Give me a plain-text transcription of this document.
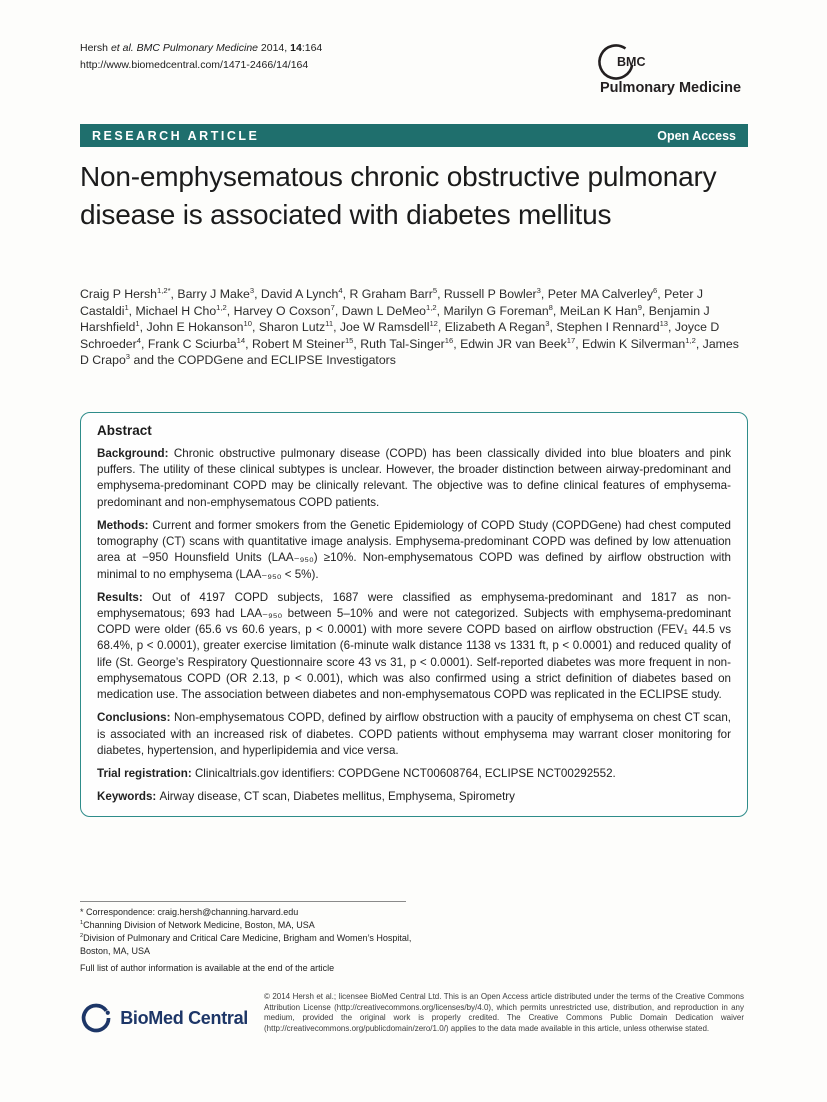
Hersh et al. BMC Pulmonary Medicine 2014, 14:164
http://www.biomedcentral.com/1471-2466/14/164	BMC
Pulmonary Medicine
RESEARCH ARTICLE	Open Access
Non-emphysematous chronic obstructive pulmonary disease is associated with diabetes mellitus
Craig P Hersh$^{1,2*}$, Barry J Make$^3$, David A Lynch$^4$, R Graham Barr$^5$, Russell P Bowler$^3$, Peter MA Calverley$^6$, Peter J Castaldi$^1$, Michael H Cho$^{1,2}$, Harvey O Coxson$^7$, Dawn L DeMeo$^{1,2}$, Marilyn G Foreman$^8$, MeiLan K Han$^9$, Benjamin J Harshfield$^1$, John E Hokanson$^{10}$, Sharon Lutz$^{11}$, Joe W Ramsdell$^{12}$, Elizabeth A Regan$^3$, Stephen I Rennard$^{13}$, Joyce D Schroeder$^4$, Frank C Sciurba$^{14}$, Robert M Steiner$^{15}$, Ruth Tal-Singer$^{16}$, Edwin JR van Beek$^{17}$, Edwin K Silverman$^{1,2}$, James D Crapo$^3$ and the COPDGene and ECLIPSE Investigators
Abstract

Background: Chronic obstructive pulmonary disease (COPD) has been classically divided into blue bloaters and pink puffers. The utility of these clinical subtypes is unclear. However, the broader distinction between airway-predominant and emphysema-predominant COPD may be clinically relevant. The objective was to define clinical features of emphysema-predominant and non-emphysematous COPD patients.

Methods: Current and former smokers from the Genetic Epidemiology of COPD Study (COPDGene) had chest computed tomography (CT) scans with quantitative image analysis. Emphysema-predominant COPD was defined by low attenuation area at −950 Hounsfield Units (LAA₋₉₅₀) ≥10%. Non-emphysematous COPD was defined by airflow obstruction with minimal to no emphysema (LAA₋₉₅₀ < 5%).

Results: Out of 4197 COPD subjects, 1687 were classified as emphysema-predominant and 1817 as non-emphysematous; 693 had LAA₋₉₅₀ between 5–10% and were not categorized. Subjects with emphysema-predominant COPD were older (65.6 vs 60.6 years, p < 0.0001) with more severe COPD based on airflow obstruction (FEV₁ 44.5 vs 68.4%, p < 0.0001), greater exercise limitation (6-minute walk distance 1138 vs 1331 ft, p < 0.0001) and reduced quality of life (St. George’s Respiratory Questionnaire score 43 vs 31, p < 0.0001). Self-reported diabetes was more frequent in non-emphysematous COPD (OR 2.13, p < 0.001), which was also confirmed using a strict definition of diabetes based on medication use. The association between diabetes and non-emphysematous COPD was replicated in the ECLIPSE study.

Conclusions: Non-emphysematous COPD, defined by airflow obstruction with a paucity of emphysema on chest CT scan, is associated with an increased risk of diabetes. COPD patients without emphysema may warrant closer monitoring for diabetes, hypertension, and hyperlipidemia and vice versa.

Trial registration: Clinicaltrials.gov identifiers: COPDGene NCT00608764, ECLIPSE NCT00292552.

Keywords: Airway disease, CT scan, Diabetes mellitus, Emphysema, Spirometry

* Correspondence: craig.hersh@channing.harvard.edu
$^1$Channing Division of Network Medicine, Boston, MA, USA
$^2$Division of Pulmonary and Critical Care Medicine, Brigham and Women’s Hospital, Boston, MA, USA
Full list of author information is available at the end of the article
BioMed Central

© 2014 Hersh et al.; licensee BioMed Central Ltd. This is an Open Access article distributed under the terms of the Creative Commons Attribution License (http://creativecommons.org/licenses/by/4.0), which permits unrestricted use, distribution, and reproduction in any medium, provided the original work is properly credited. The Creative Commons Public Domain Dedication waiver (http://creativecommons.org/publicdomain/zero/1.0/) applies to the data made available in this article, unless otherwise stated.
